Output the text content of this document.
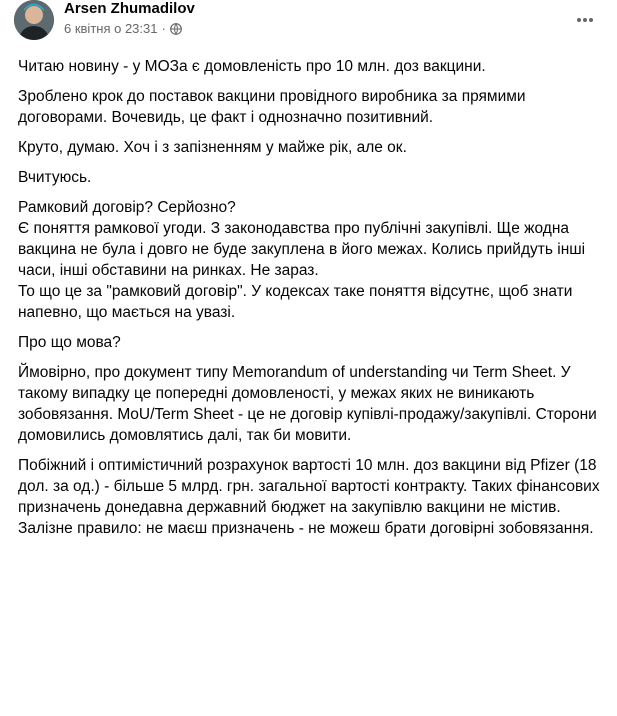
Arsen Zhumadilov
6 квітня о 23:31 ·

Читаю новину - у МОЗа є домовленість про 10 млн. доз вакцини.

Зроблено крок до поставок вакцини провідного виробника за прямими договорами. Вочевидь, це факт і однозначно позитивний.

Круто, думаю. Хоч і з запізненням у майже рік, але ок.

Вчитуюсь.

Рамковий договір? Серйозно?
Є поняття рамкової угоди. З законодавства про публічні закупівлі. Ще жодна вакцина не була і довго не буде закуплена в його межах. Колись прийдуть інші часи, інші обставини на ринках. Не зараз.
То що це за "рамковий договір". У кодексах таке поняття відсутнє, щоб знати напевно, що мається на увазі.

Про що мова?

Ймовірно, про документ типу Memorandum of understanding чи Term Sheet. У такому випадку це попередні домовленості, у межах яких не виникають зобовязання. MoU/Term Sheet - це не договір купівлі-продажу/закупівлі. Сторони домовились домовлятись далі, так би мовити.

Побіжний і оптимістичний розрахунок вартості 10 млн. доз вакцини від Pfizer (18 дол. за од.) - більше 5 млрд. грн. загальної вартості контракту. Таких фінансових призначень донедавна державний бюджет на закупівлю вакцини не містив. Залізне правило: не маєш призначень - не можеш брати договірні зобовязання.
